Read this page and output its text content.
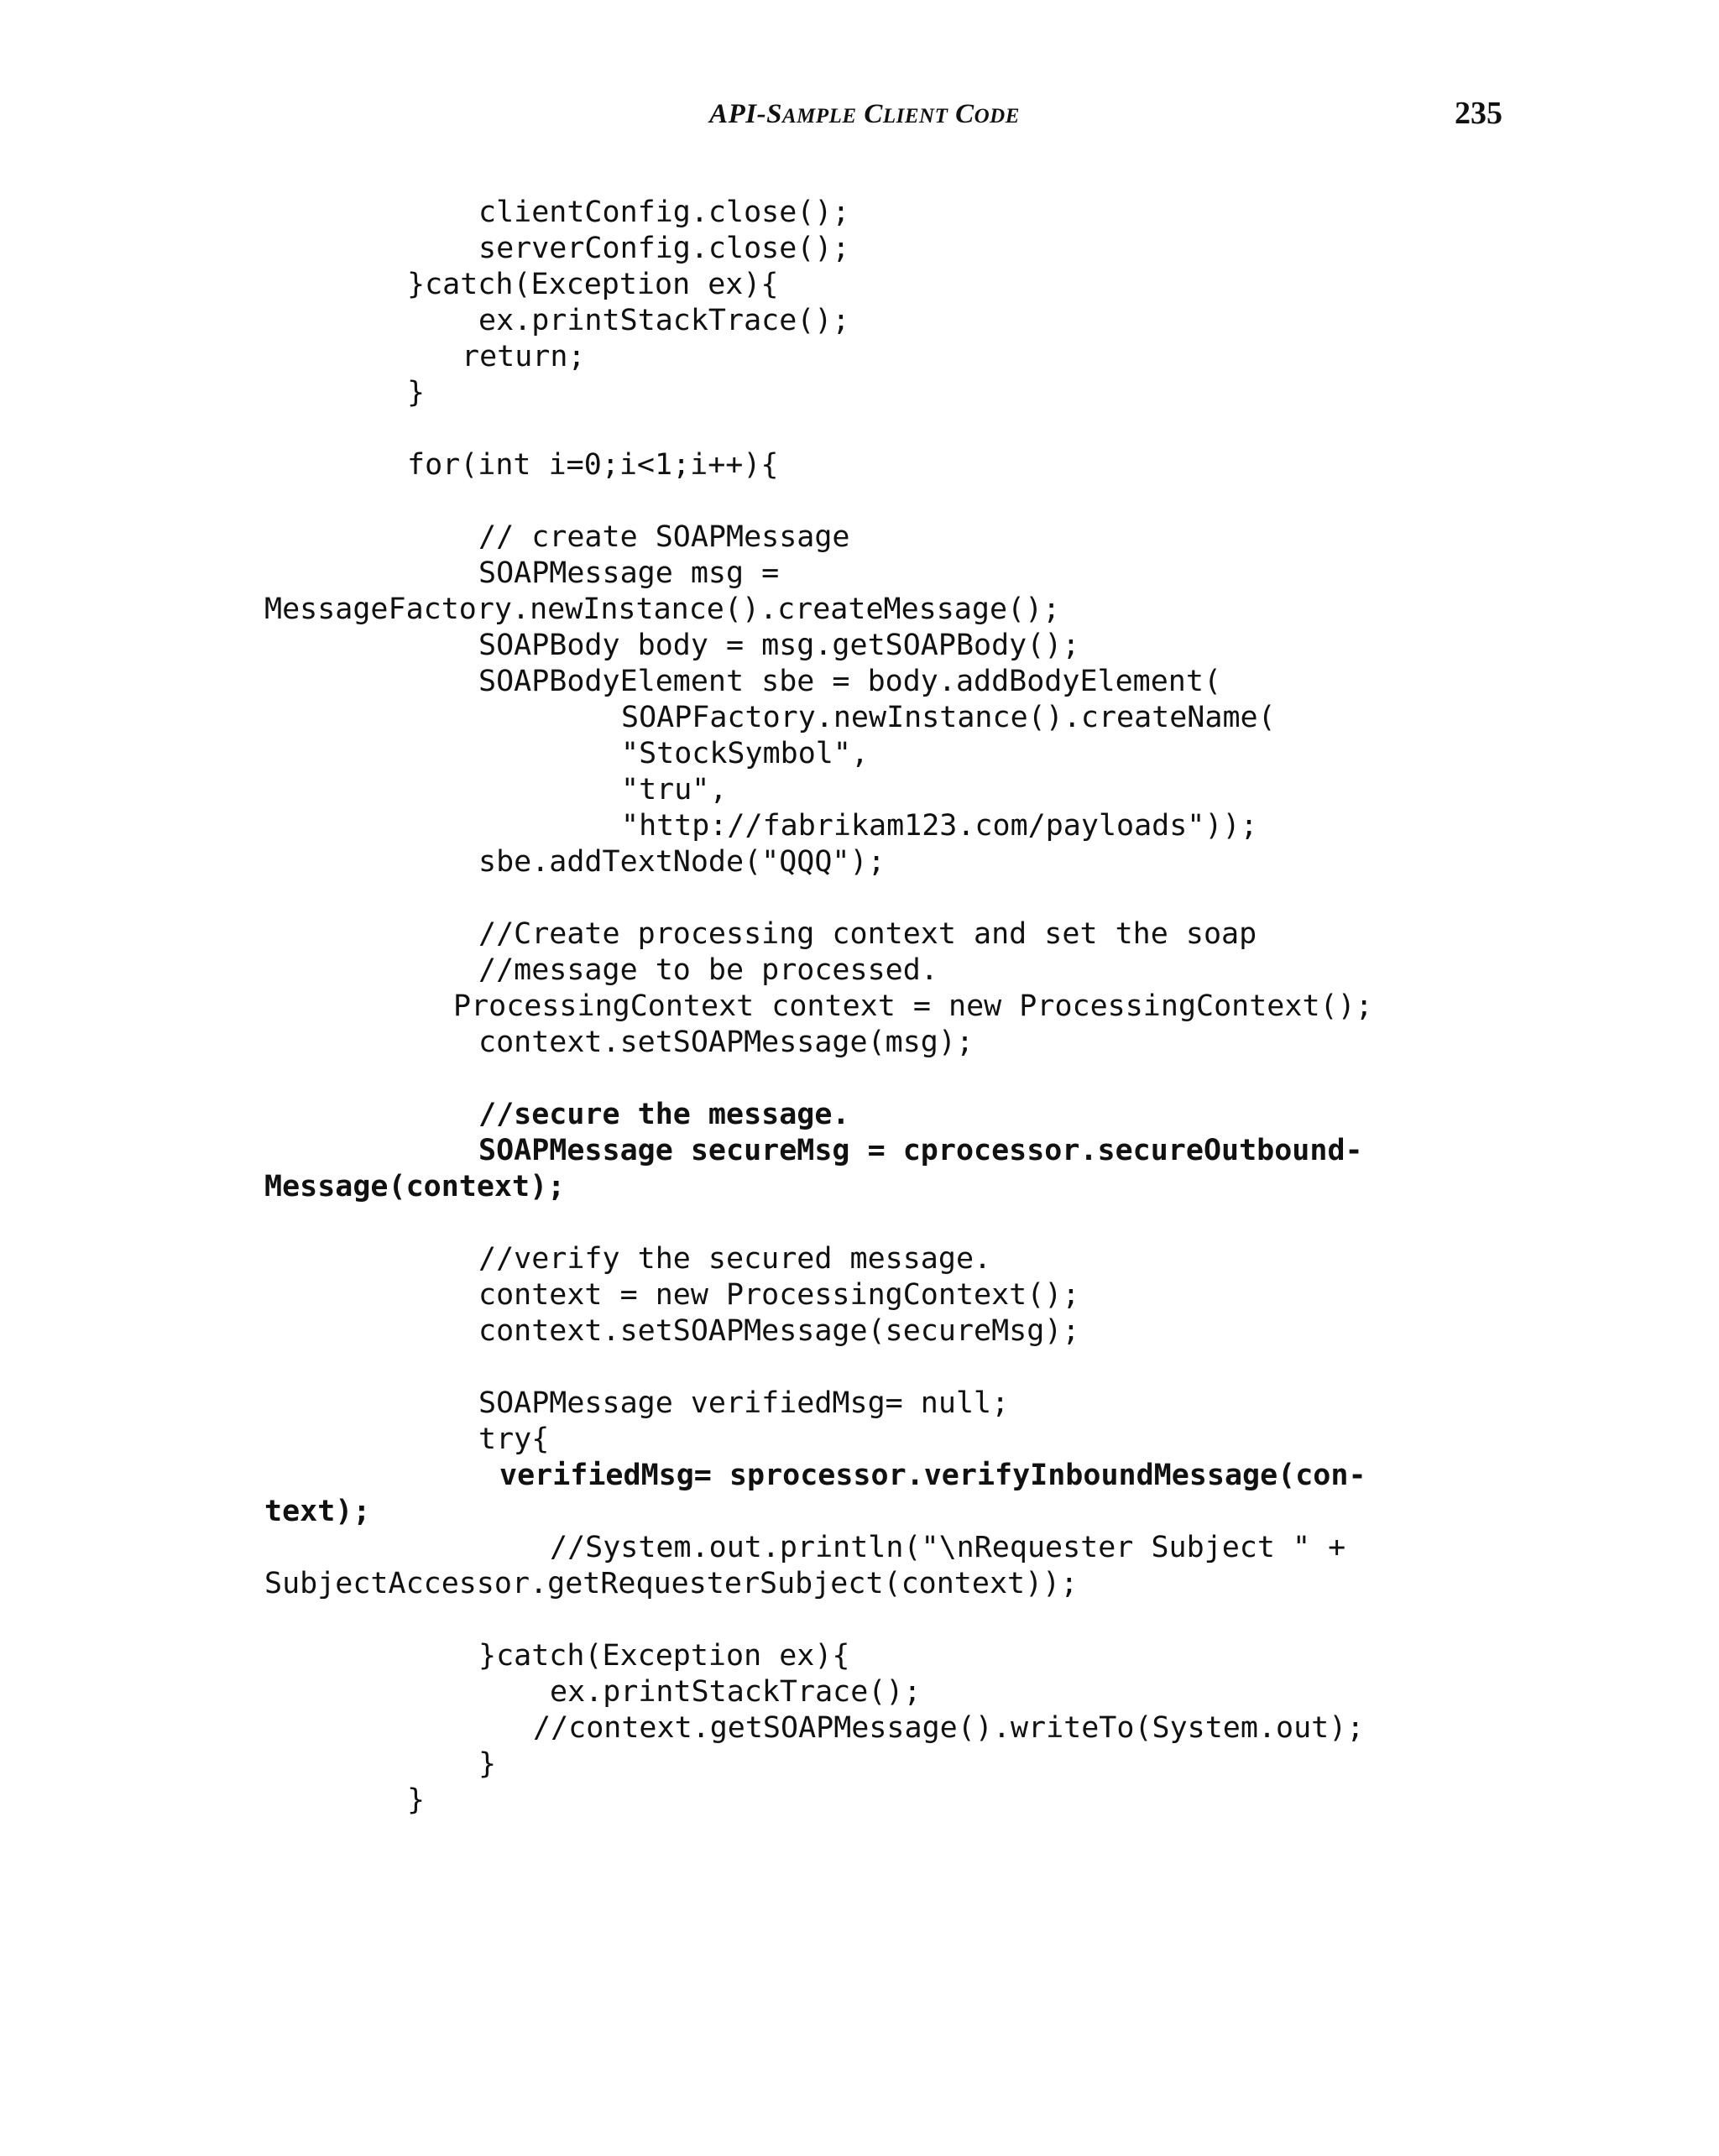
API-SAMPLE CLIENT CODE	235
clientConfig.close();
serverConfig.close();
}catch(Exception ex){
ex.printStackTrace();
return;
}
for(int i=0;i<1;i++){
// create SOAPMessage
SOAPMessage msg =
MessageFactory.newInstance().createMessage();
SOAPBody body = msg.getSOAPBody();
SOAPBodyElement sbe = body.addBodyElement(
SOAPFactory.newInstance().createName(
"StockSymbol",
"tru",
"http://fabrikam123.com/payloads"));
sbe.addTextNode("QQQ");
//Create processing context and set the soap
//message to be processed.
ProcessingContext context = new ProcessingContext();
context.setSOAPMessage(msg);
//secure the message.
SOAPMessage secureMsg = cprocessor.secureOutbound-
Message(context);
//verify the secured message.
context = new ProcessingContext();
context.setSOAPMessage(secureMsg);
SOAPMessage verifiedMsg= null;
try{
verifiedMsg= sprocessor.verifyInboundMessage(con-
text);
//System.out.println("\nRequester Subject " +
SubjectAccessor.getRequesterSubject(context));
}catch(Exception ex){
ex.printStackTrace();
//context.getSOAPMessage().writeTo(System.out);
}
}
